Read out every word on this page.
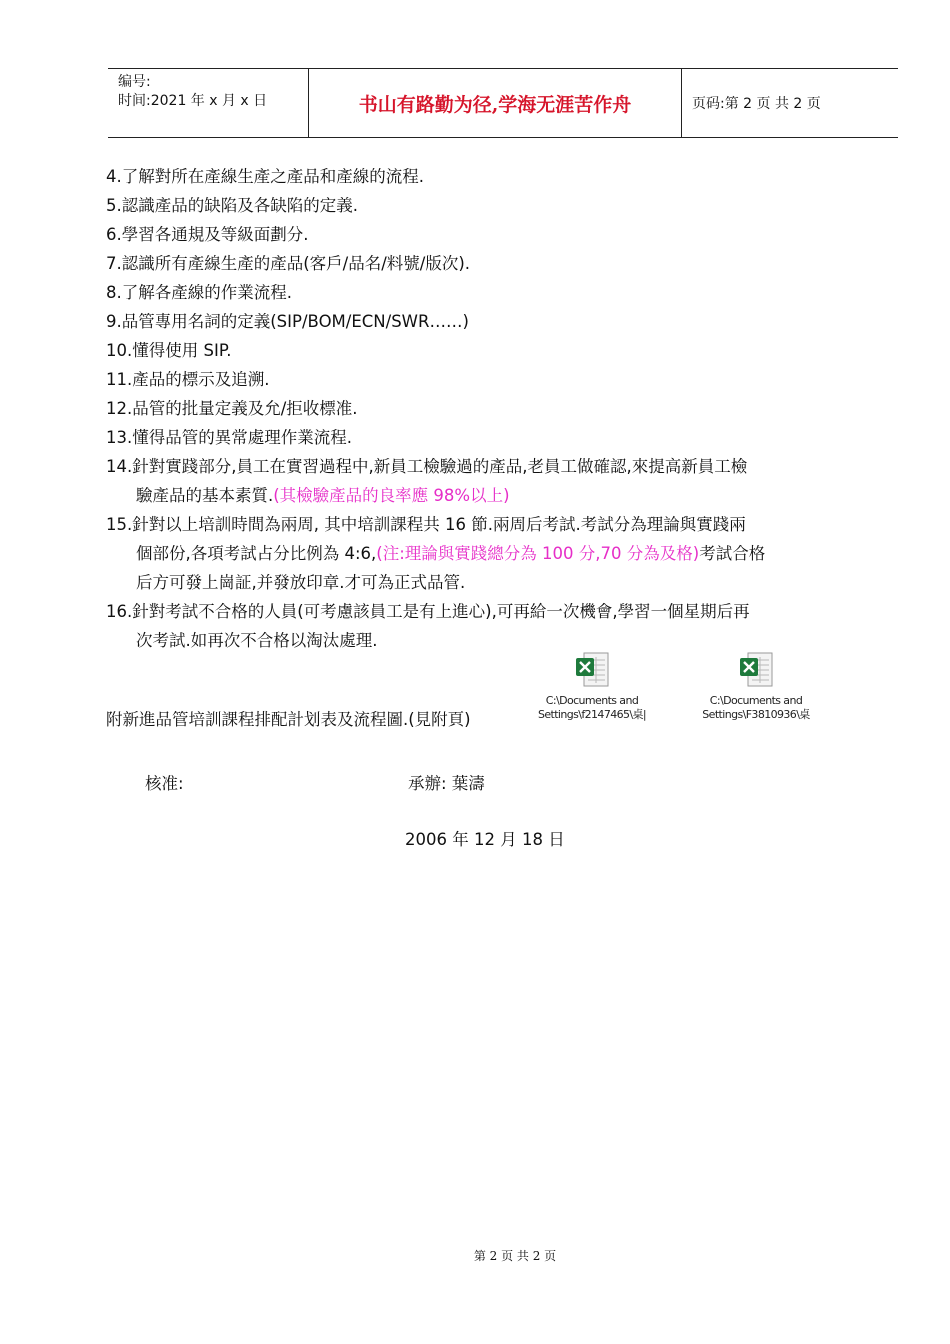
编号:
时间:2021 年 x 月 x 日	书山有路勤为径,学海无涯苦作舟	页码:第 2 页 共 2 页
4.了解對所在產線生產之產品和產線的流程.
5.認識產品的缺陷及各缺陷的定義.
6.學習各通規及等級面劃分.
7.認識所有產線生產的產品(客戶/品名/料號/版次).
8.了解各產線的作業流程.
9.品管專用名詞的定義(SIP/BOM/ECN/SWR……)
10.懂得使用 SIP.
11.產品的標示及追溯.
12.品管的批量定義及允/拒收標准.
13.懂得品管的異常處理作業流程.
14.針對實踐部分,員工在實習過程中,新員工檢驗過的產品,老員工做確認,來提高新員工檢
驗產品的基本素質.(其檢驗產品的良率應 98%以上)
15.針對以上培訓時間為兩周, 其中培訓課程共 16 節.兩周后考試.考試分為理論與實踐兩
個部份,各項考試占分比例為 4:6,(注:理論與實踐總分為 100 分,70 分為及格)考試合格
后方可發上崗証,并發放印章.才可為正式品管.
16.針對考試不合格的人員(可考慮該員工是有上進心),可再給一次機會,學習一個星期后再
次考試.如再次不合格以淘汰處理.
C:\Documents and
Settings\f2147465\桌|
C:\Documents and
Settings\F3810936\桌
附新進品管培訓課程排配計划表及流程圖.(見附頁)
核准:	承辦: 葉濤
2006 年 12 月 18 日
第 2 页 共 2 页
